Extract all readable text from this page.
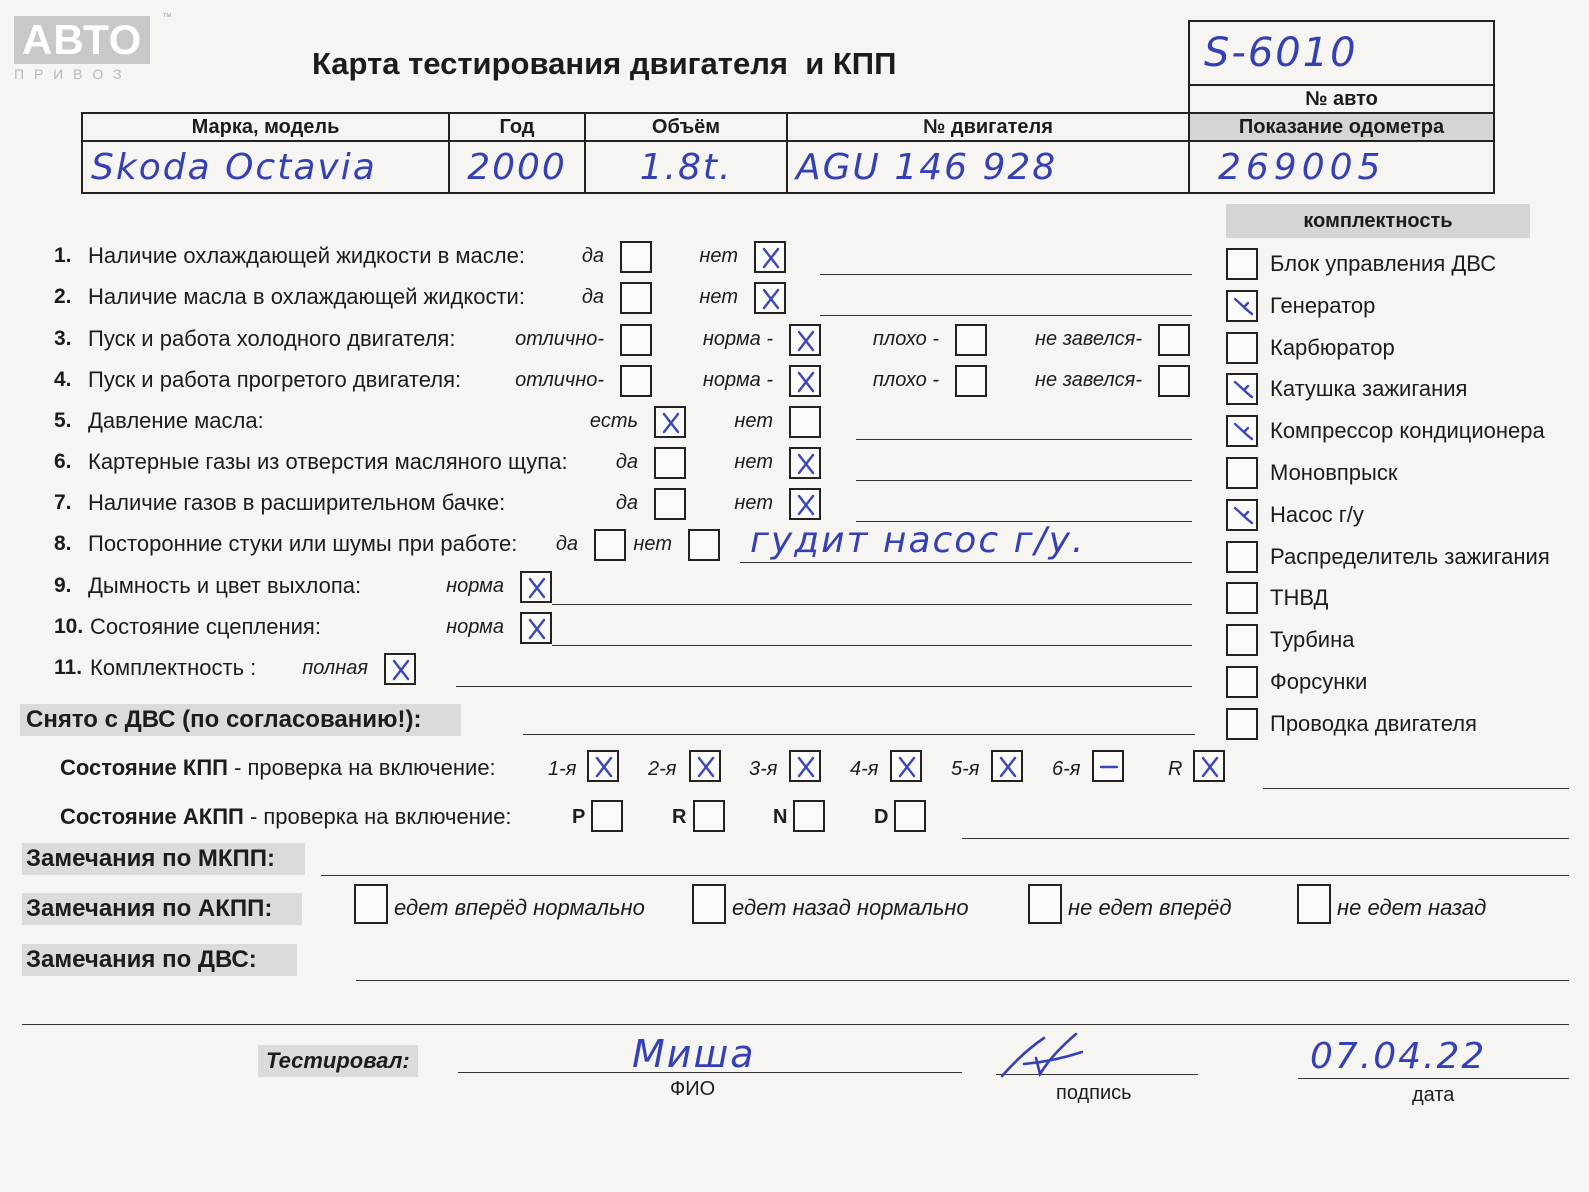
АВТО
П Р И В О З
™
Карта тестирования двигателя  и КПП	S-6010
				№ авто
Марка, модель	Год	Объём	№ двигателя	Показание одометра
Skoda Octavia	2000	1.8t.	AGU 146 928	269005
комплектность
1. Наличие охлаждающей жидкости в масле:	да	нет
2. Наличие масла в охлаждающей жидкости:	да	нет
3. Пуск и работа холодного двигателя:	отлично-	норма -	плохо -	не завелся-
4. Пуск и работа прогретого двигателя:	отлично-	норма -	плохо -	не завелся-
5. Давление масла:	есть	нет
6. Картерные газы из отверстия масляного щупа:	да	нет
7. Наличие газов в расширительном бачке:	да	нет
8. Посторонние стуки или шумы при работе:	да	нет гудит насос г/у.
9. Дымность и цвет выхлопа:	норма
10. Состояние сцепления:	норма
11. Комплектность :	полная
Блок управления ДВС
Генератор
Карбюратор
Катушка зажигания
Компрессор кондиционера
Моновпрыск
Насос г/у
Распределитель зажигания
ТНВД
Турбина
Форсунки
Проводка двигателя
Снято с ДВС (по согласованию!):
Состояние КПП - проверка на включение:	1-я	2-я	3-я	4-я	5-я	6-я	R
Состояние АКПП - проверка на включение:	P	R	N	D
Замечания по МКПП:
Замечания по АКПП:	едет вперёд нормально	едет назад нормально	не едет вперёд	не едет назад
Замечания по ДВС:
Тестировал:	Миша
ФИО	подпись
07.04.22
дата
